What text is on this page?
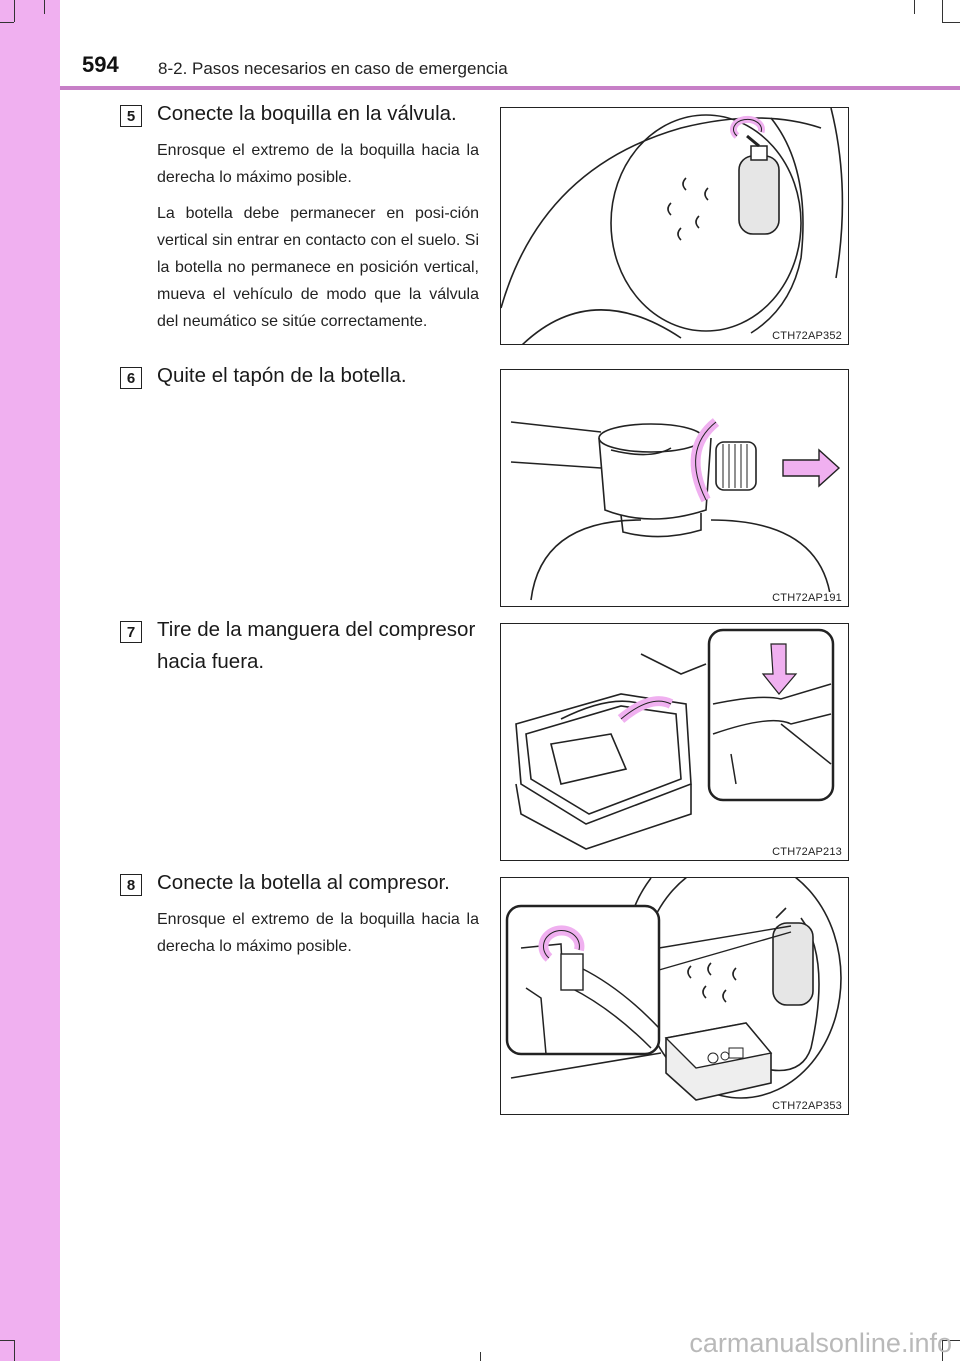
594 8-2. Pasos necesarios en caso de emergencia
5	Conecte la boquilla en la válvula.

Enrosque el extremo de la boquilla hacia la derecha lo máximo posible.

La botella debe permanecer en posi-ción vertical sin entrar en contacto con el suelo. Si la botella no permanece en posición vertical, mueva el vehículo de modo que la válvula del neumático se sitúe correctamente.

CTH72AP352
6	Quite el tapón de la botella.
CTH72AP191
7	Tire de la manguera del compresor hacia fuera.
CTH72AP213
8	Conecte la botella al compresor.

Enrosque el extremo de la boquilla hacia la derecha lo máximo posible.

CTH72AP353
carmanualsonline.info
